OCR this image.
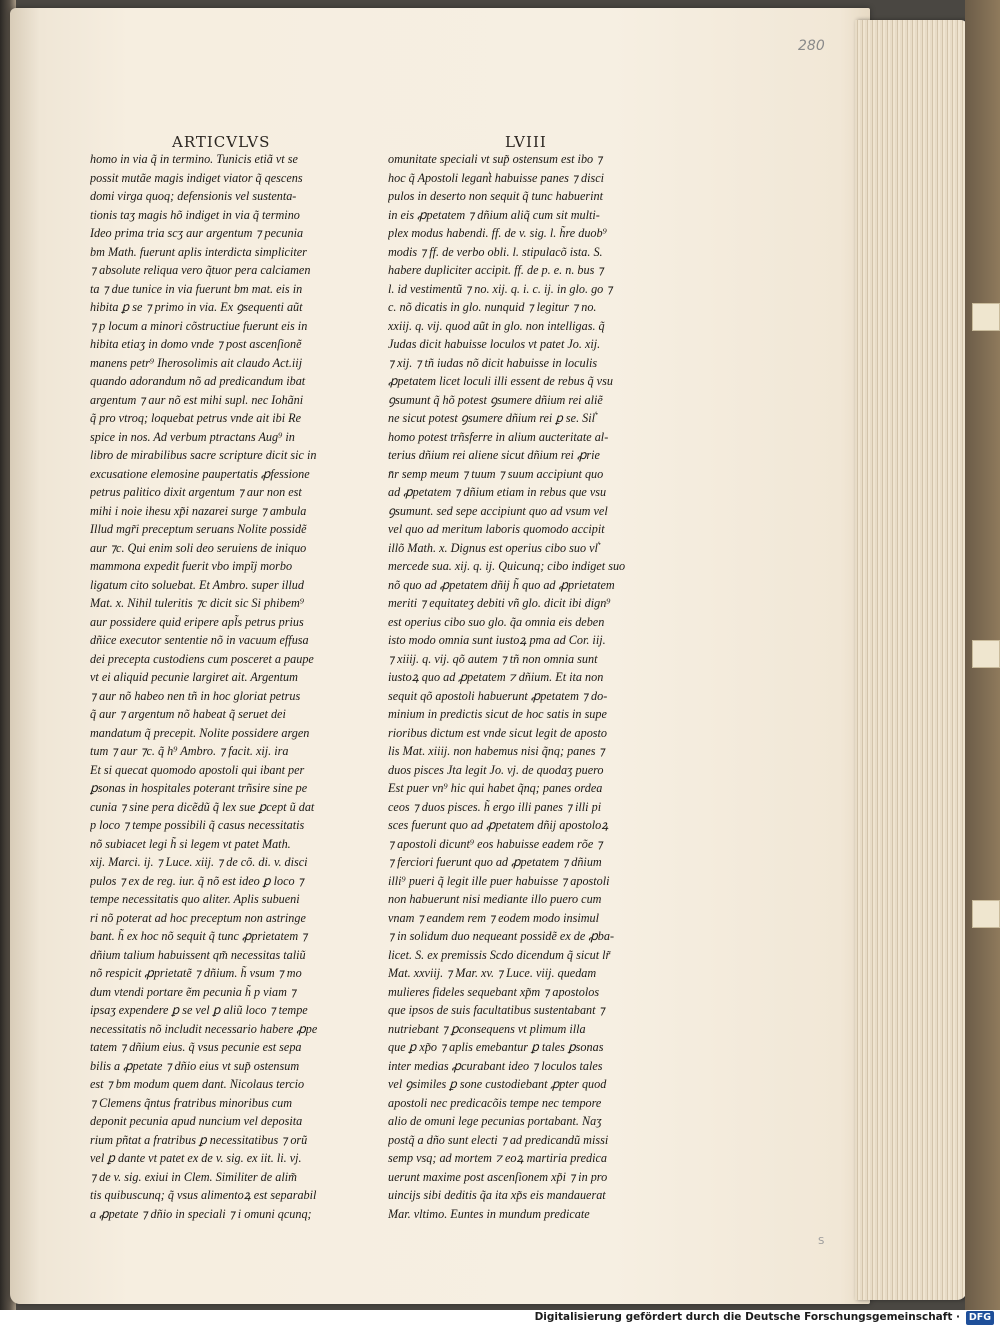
280
S
ARTICVLVS	LVIII
homo in via q̃ in termino. Tunicis etiã vt se
possit mutãe magis indiget viator q̃ qescens
domi virga quoq; defensionis vel sustenta-
tionis taʒ magis hõ indiget in via q̃ termino
Ideo prima tria scʒ aur argentum ⁊ pecunia
bm Math. fuerunt aplis interdicta simpliciter
⁊ absolute reliqua vero q̃tuor pera calciamen
ta ⁊ due tunice in via fuerunt bm mat. eis in
hibita ꝑ se ⁊ primo in via. Ex ꝯsequenti aũt
⁊ p locum a minori cõstructiue fuerunt eis in
hibita etiaʒ in domo vnde ⁊ post ascenſionẽ
manens petr⁹ Iherosolimis ait claudo Act.iij
quando adorandum nõ ad predicandum ibat
argentum ⁊ aur nõ est mihi supl. nec Iohãni
q̃ pro vtroq; loquebat petrus vnde ait ibi Re
spice in nos. Ad verbum ptractans Aug⁹ in
libro de mirabilibus sacre scripture dicit sic in
excusatione elemosine paupertatis ꝓfessione
petrus palitico dixit argentum ⁊ aur non est
mihi i noie ihesu xp̃i nazarei surge ⁊ ambula
Illud mgr̃i preceptum seruans Nolite possidẽ
aur ⁊c. Qui enim soli deo seruiens de iniquo
mammona expedit fuerit vbo impĩj morbo
ligatum cito soluebat. Et Ambro. super illud
Mat. x. Nihil tuleritis ⁊c dicit sic Si phibem⁹
aur possidere quid eripere apl̃s petrus prius
dñice executor sententie nõ in vacuum effusa
dei precepta custodiens cum posceret a paupe
vt ei aliquid pecunie largiret ait. Argentum
⁊ aur nõ habeo nen tñ in hoc gloriat petrus
q̃ aur ⁊ argentum nõ habeat q̃ seruet dei
mandatum q̃ precepit. Nolite possidere argen
tum ⁊ aur ⁊c. q̃ h⁹ Ambro. ⁊ facit. xij. ira
Et si quecat quomodo apostoli qui ibant per
ꝑsonas in hospitales poterant trñsire sine pe
cunia ⁊ sine pera dicẽdũ q̃ lex sue ꝑcept ũ dat
p loco ⁊ tempe possibili q̃ casus necessitatis
nõ subiacet legi h̃ si legem vt patet Math.
xij. Marci. ij. ⁊ Luce. xiij. ⁊ de cõ. di. v. disci
pulos ⁊ ex de reg. iur. q̃ nõ est ideo ꝑ loco ⁊
tempe necessitatis quo aliter. Aplis subueni
ri nõ poterat ad hoc preceptum non astringe
bant. h̃ ex hoc nõ sequit q̃ tunc ꝓprietatem ⁊
dñium talium habuissent qm̃ necessitas taliũ
nõ respicit ꝓprietatẽ ⁊ dñium. h̃ vsum ⁊ mo
dum vtendi portare ẽm pecunia h̃ p viam ⁊
ipsaʒ expendere ꝑ se vel ꝑ aliũ loco ⁊ tempe
necessitatis nõ includit necessario habere ꝓpe
tatem ⁊ dñium eius. q̃ vsus pecunie est sepa
bilis a ꝓpetate ⁊ dñio eius vt sup̃ ostensum
est ⁊ bm modum quem dant. Nicolaus tercio
⁊ Clemens q̃ntus fratribus minoribus cum
deponit pecunia apud nuncium vel deposita
rium pñtat a fratribus ꝑ necessitatibus ⁊ orũ
vel ꝑ dante vt patet ex de v. sig. ex iit. li. vj.
⁊ de v. sig. exiui in Clem. Similiter de alim̃
tis quibuscunq; q̃ vsus alimentoꝝ est separabil
a ꝓpetate ⁊ dñio in speciali ⁊ i omuni qcunq;
omunitate speciali vt sup̃ ostensum est ibo ⁊
hoc q̃ Apostoli legan͛t habuisse panes ⁊ disci
pulos in deserto non sequit q̃ tunc habuerint
in eis ꝓpetatem ⁊ dñium aliq̃ cum sit multi-
plex modus habendi. ff. de v. sig. l. h̃re duob⁹
modis ⁊ ff. de verbo obli. l. stipulacõ ista. S.
habere dupliciter accipit. ff. de p. e. n. bus ⁊
l. id vestimentũ ⁊ no. xij. q. i. c. ij. in glo. go ⁊
c. nõ dicatis in glo. nunquid ⁊ legitur ⁊ no.
xxiij. q. vij. quod aũt in glo. non intelligas. q̃
Judas dicit habuisse loculos vt patet Jo. xij.
⁊ xij. ⁊ tñ iudas nõ dicit habuisse in loculis
ꝓpetatem licet loculi illi essent de rebus q̃ vsu
ꝯsumunt q̃ hõ potest ꝯsumere dñium rei aliẽ
ne sicut potest ꝯsumere dñium rei ꝑ se. Sil͛
homo potest trñsferre in alium aucteritate al-
terius dñium rei aliene sicut dñium rei ꝓrie
n̄r semp meum ⁊ tuum ⁊ suum accipiunt quo
ad ꝓpetatem ⁊ dñium etiam in rebus que vsu
ꝯsumunt. sed sepe accipiunt quo ad vsum vel
vel quo ad meritum laboris quomodo accipit
illõ Math. x. Dignus est operius cibo suo vl͛
mercede sua. xij. q. ij. Quicunq; cibo indiget suo
nõ quo ad ꝓpetatem dñij h̃ quo ad ꝓprietatem
meriti ⁊ equitateʒ debiti vñ glo. dicit ibi dign⁹
est operius cibo suo glo. q̃a omnia eis debenᷓ
isto modo omnia sunt iustoꝝ pma ad Cor. iij.
⁊ xiiij. q. vij. qõ autem ⁊ tñ non omnia sunt
iustoꝝ quo ad ꝓpetatem ⁊ dñium. Et ita non
sequit qõ apostoli habuerunt ꝓpetatem ⁊ do-
minium in predictis sicut de hoc satis in supe
rioribus dictum est vnde sicut legit de aposto
lis Mat. xiiij. non habemus nisi q̃nq; panes ⁊
duos pisces Jta legit Jo. vj. de quodaʒ puero
Est puer vn⁹ hic qui habet q̃nq; panes ordea
ceos ⁊ duos pisces. h̃ ergo illi panes ⁊ illi pi
sces fuerunt quo ad ꝓpetatem dñij apostoloꝝ
⁊ apostoli dicunt⁹ eos habuisse eadem rõe ⁊
⁊ ferciori fuerunt quo ad ꝓpetatem ⁊ dñium
illi⁹ pueri q̃ legit ille puer habuisse ⁊ apostoli
non habuerunt nisi mediante illo puero cum
vnam ⁊ eandem rem ⁊ eodem modo insimul
⁊ in solidum duo nequeant possidẽ ex de ꝓba-
licet. S. ex premissis Scdo dicendum q̃ sicut lr̃
Mat. xxviij. ⁊ Mar. xv. ⁊ Luce. viij. quedam
mulieres fideles sequebant xp̃m ⁊ apostolos
que ipsos de suis facultatibus sustentabant ⁊
nutriebant ⁊ ꝑconsequens vt plimum illa
que ꝑ xp̃o ⁊ aplis emebantur ꝑ tales ꝑsonas
inter medias ꝓcurabant ideo ⁊ loculos tales
vel ꝯsimiles ꝑ sone custodiebant ꝓpter quod
apostoli nec predicacõis tempe nec tempore
alio de omuni lege pecunias portabant. Naʒ
postq̃ a dño sunt electi ⁊ ad predicandũ missi
semp vsq; ad mortem ⁊ eoꝝ martiria predica
uerunt maxime post ascenſionem xp̃i ⁊ in pro
uincijs sibi deditis q̃a ita xp̃s eis mandauerat
Mar. vltimo. Euntes in mundum predicate
Digitalisierung gefördert durch die Deutsche Forschungsgemeinschaft · DFG
